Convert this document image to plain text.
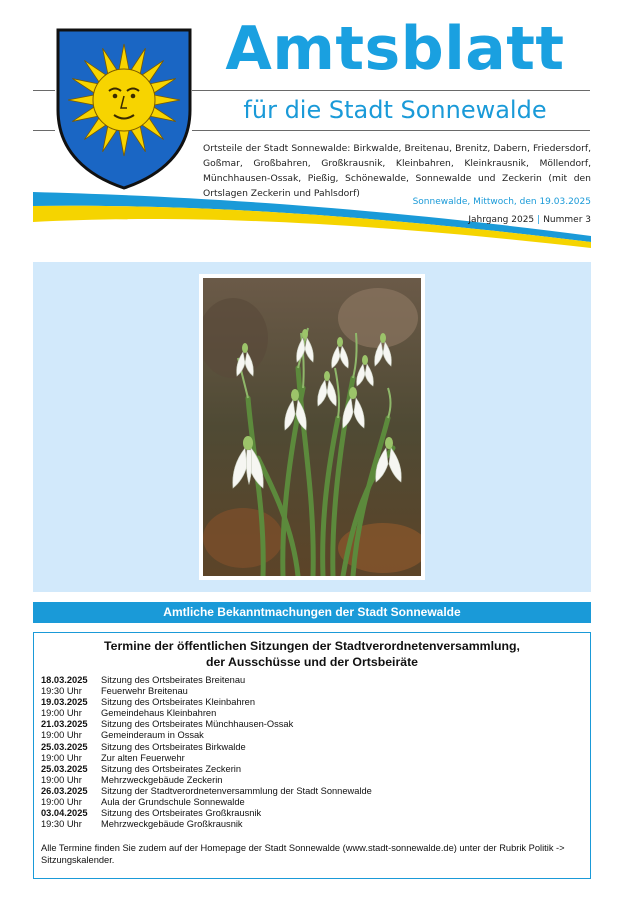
Amtsblatt
für die Stadt Sonnewalde
Ortsteile der Stadt Sonnewalde: Birkwalde, Breitenau, Brenitz, Dabern, Friedersdorf, Goßmar, Großbahren, Großkrausnik, Kleinbahren, Kleinkrausnik, Möllendorf, Münchhausen-Ossak, Pießig, Schönewalde, Sonnewalde und Zeckerin (mit den Ortslagen Zeckerin und Pahlsdorf)
Sonnewalde, Mittwoch, den 19.03.2025
Jahrgang 2025 | Nummer 3
Amtliche Bekanntmachungen der Stadt Sonnewalde
Termine der öffentlichen Sitzungen der Stadtverordnetenversammlung,
der Ausschüsse und der Ortsbeiräte
18.03.2025	Sitzung des Ortsbeirates Breitenau
19:30 Uhr	Feuerwehr Breitenau
19.03.2025	Sitzung des Ortsbeirates Kleinbahren
19:00 Uhr	Gemeindehaus Kleinbahren
21.03.2025	Sitzung des Ortsbeirates Münchhausen-Ossak
19:00 Uhr	Gemeinderaum in Ossak
25.03.2025	Sitzung des Ortsbeirates Birkwalde
19:00 Uhr	Zur alten Feuerwehr
25.03.2025	Sitzung des Ortsbeirates Zeckerin
19:00 Uhr	Mehrzweckgebäude Zeckerin
26.03.2025	Sitzung der Stadtverordnetenversammlung der Stadt Sonnewalde
19:00 Uhr	Aula der Grundschule Sonnewalde
03.04.2025	Sitzung des Ortsbeirates Großkrausnik
19:30 Uhr	Mehrzweckgebäude Großkrausnik
Alle Termine finden Sie zudem auf der Homepage der Stadt Sonnewalde (www.stadt-sonnewalde.de) unter der Rubrik Politik -> Sitzungskalender.
